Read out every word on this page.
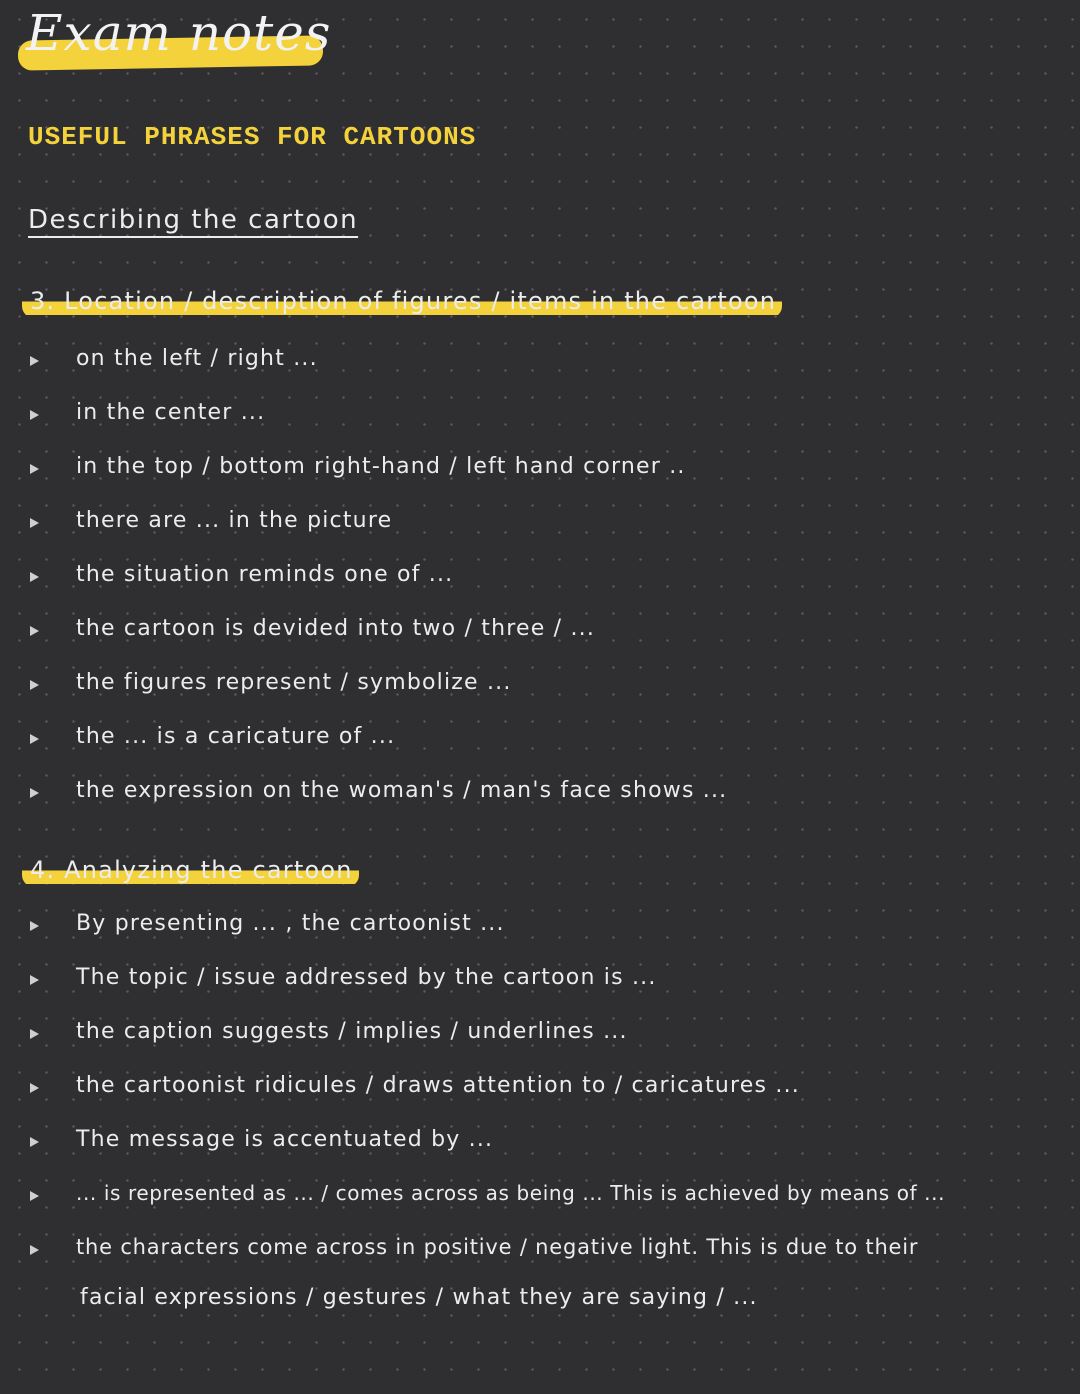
Exam notes
USEFUL PHRASES FOR CARTOONS
Describing the cartoon
3. Location / description of figures / items in the cartoon
on the left / right ...
in the center ...
in the top / bottom right-hand / left hand corner ..
there are ... in the picture
the situation reminds one of ...
the cartoon is devided into two / three / ...
the figures represent / symbolize ...
the ... is a caricature of ...
the expression on the woman's / man's face shows ...
4. Analyzing the cartoon
By presenting ... , the cartoonist ...
The topic / issue addressed by the cartoon is ...
the caption suggests / implies / underlines ...
the cartoonist ridicules / draws attention to / caricatures ...
The message is accentuated by ...
... is represented as ... / comes across as being ... This is achieved by means of ...
the characters come across in positive / negative light. This is due to their
facial expressions / gestures / what they are saying / ...
